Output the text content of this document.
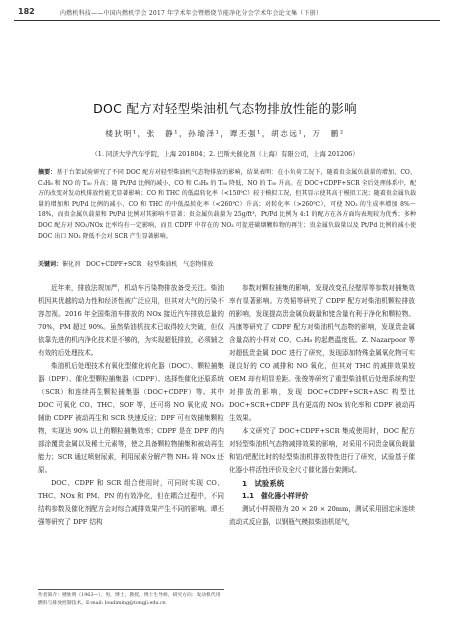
182	内燃机科技——中国内燃机学会 2017 年学术年会暨燃烧节能净化分会学术年会论文集（下册）
DOC 配方对轻型柴油机气态物排放性能的影响
楼狄明¹，张　静¹，孙瑜泽¹，谭丕强¹，胡志远¹，万　鹏²
（1. 同济大学汽车学院，上海 201804；2. 巴斯夫催化剂（上海）有限公司，上海 201206）
摘要：基于台架试验研究了不同 DOC 配方对轻型柴油机气态物排放的影响，结果表明：在小负荷工况下，随着贵金属负载量的增加，CO、C₃H₈ 和 NO 的 T₅₀ 升高；随 Pt/Pd 比例的减小，CO 和 C₃H₈ 的 T₅₀ 降低，NO 的 T₅₀ 升高。在 DOC+CDPF+SCR 全后处理体系中，配方的改变对发动机排放性能无显著影响；CO 和 THC 的低温转化率（<150℃）较于模拟工况，但其显示使其高于模拟工况；随着贵金属负载量的增加和 Pt/Pd 比例的减小，CO 和 THC 的中低温转化率（<260℃）升高；对转化率（>260℃），可使 NO₂ 的生成率增加 8%～18%，而贵金属负载量和 Pt/Pd 比例对其影响不显著；贵金属负载量为 25g/ft³，Pt/Pd 比例为 4:1 的配方在各方面均表现较为优秀；多种 DOC 配方对 NO₂/NOx 比率均有一定影响，而且 CDPF 中存在的 NO₂ 可促进碳烟颗粒物的再生；贵金属负载量以及 Pt/Pd 比例的减小使 DOC 出口 NO₂ 降低不会对 SCR 产生显著影响。
关键词：催化剂　DOC+CDPF+SCR　轻型柴油机　气态物排放

近年来，排放法规加严，机动车污染物排放备受关注。柴油机因其优越的动力性和经济性被广泛应用，但其对大气的污染不容忽视。2016 年全国柴油车排放的 NOx 接近汽车排放总量的 70%，PM 超过 90%。虽然柴油机技术已取得较大突破，但仅依靠先进的机内净化技术是不够的，为实现超低排放，必须辅之有效的后处理技术。

柴油机后处理技术有氧化型催化转化器（DOC）、颗粒捕集器（DPF）、催化型颗粒捕集器（CDPF）、选择性催化还原系统（SCR）和连续再生颗粒捕集器（DOC+CDPF）等。其中 DOC 可氧化 CO、THC、SOF 等，还可将 NO 氧化成 NO₂ 辅助 CDPF 被动再生和 SCR 快速反应；DPF 可有效捕集颗粒物，实现达 90% 以上的颗粒捕集效率；CDPF 是在 DPF 的内部涂覆贵金属以及稀土元素等，使之具备颗粒物捕集和被动再生能力；SCR 通过喷射尿素，利用尿素分解产物 NH₃ 将 NOx 还原。

DOC、CDPF 和 SCR 组合使用时，可同时实现 CO、THC、NOx 和 PM、PN 的有效净化，但在耦合过程中，不同结构参数及催化剂配方会对综合减排效果产生不同的影响。谭丕强等研究了 DPF 结构

参数对颗粒捕集的影响，发现改变孔径壁厚等参数对捕集效率有显著影响。方英韬等研究了 CDPF 配方对柴油机颗粒排放的影响，发现提高贵金属负载量和铑含量有利于净化和颗粒物。冯康等研究了 CDPF 配方对柴油机气态物的影响，发现贵金属含量高的小样对 CO、C₃H₈ 的起燃温度低。Z. Nazarpoor 等对超低贵金属 DOC 进行了研究，发现添加特殊金属氧化物可实现良好的 CO 减排和 NO 氧化，但其对 THC 的减排效果较 OEM 却有明显差距。张俊等研究了重型柴油机后处理系统构型对排放的影响，发现 DOC+CDPF+SCR+ASC 构型比 DOC+SCR+CDPF 具有更高的 NOx 转化率和 CDPF 被动再生效果。

本文研究了 DOC+CDPF+SCR 集成使用时，DOC 配方对轻型柴油机气态物减排效果的影响，对采用不同贵金属负载量和铂/钯配比时的轻型柴油机排放特性进行了研究，试验基于催化器小样活性评价及全尺寸催化器台架测试。

1　试验系统

1.1　催化器小样评价

测试小样规格为 20 × 20 × 20mm，测试采用固定床连续流动式反应器，以钢瓶气模拟柴油机尾气，

作者简介：楼狄明（1963—），男，博士，教授，博士生导师，研究方向：发动机代用燃料与排放控制技术。E-mail: loudiming@tongji.edu.cn
